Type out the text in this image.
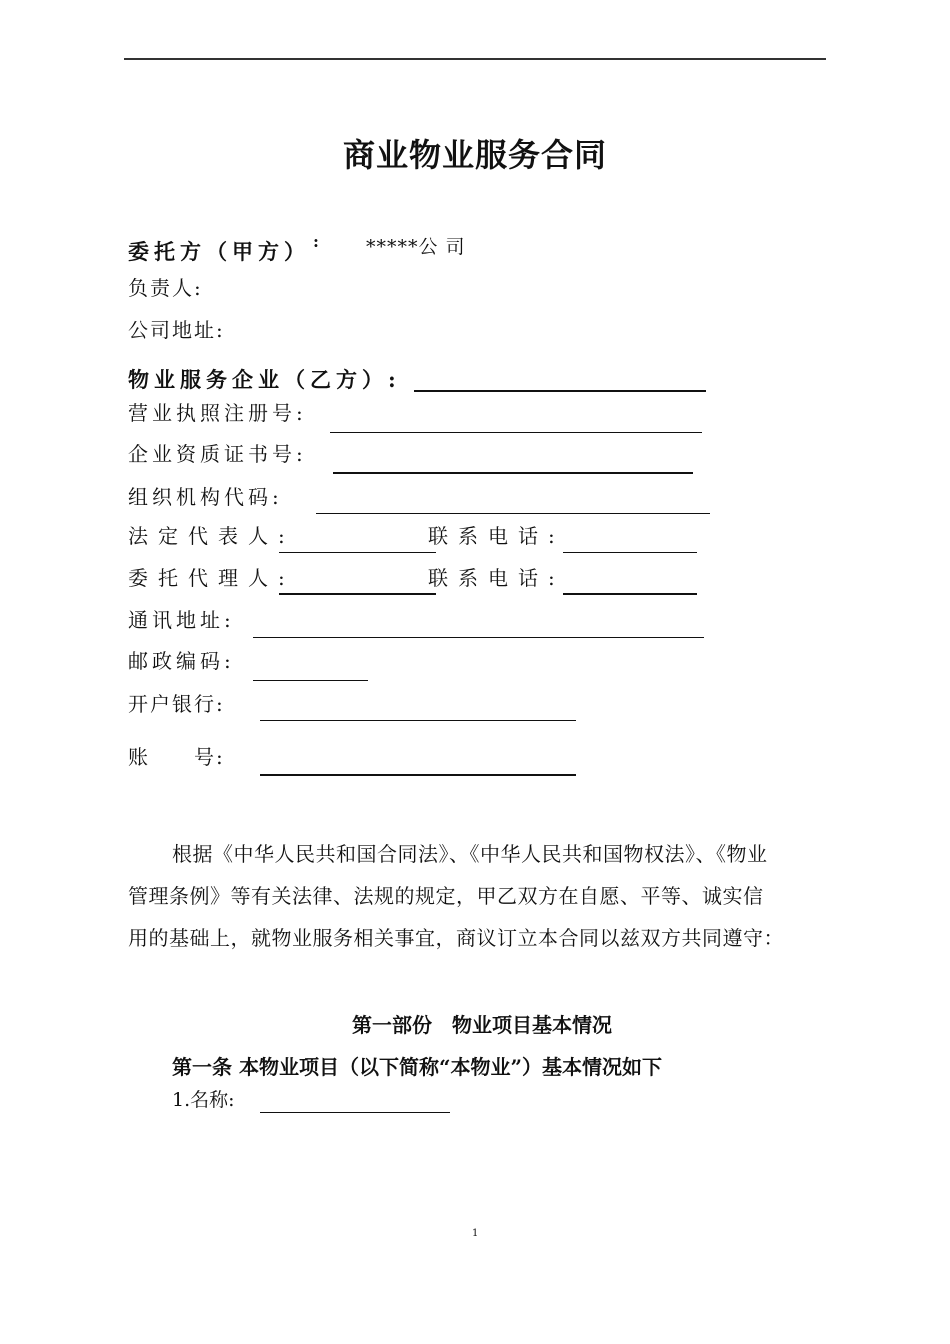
商业物业服务合同
委托方（甲方） : *****公 司
负责人:
公司地址:
物业服务企业（乙方）:
营业执照注册号:
企业资质证书号:
组织机构代码:
法定代表人:	联系电话:
委托代理人:	联系电话:
通讯地址:
邮政编码:
开户银行:
账　　号:
根据《中华人民共和国合同法》、《中华人民共和国物权法》、《物业
管理条例》等有关法律、法规的规定，甲乙双方在自愿、平等、诚实信
用的基础上，就物业服务相关事宜，商议订立本合同以兹双方共同遵守：
第一部份　物业项目基本情况
第一条 本物业项目（以下简称“本物业”）基本情况如下
1.名称:
1
